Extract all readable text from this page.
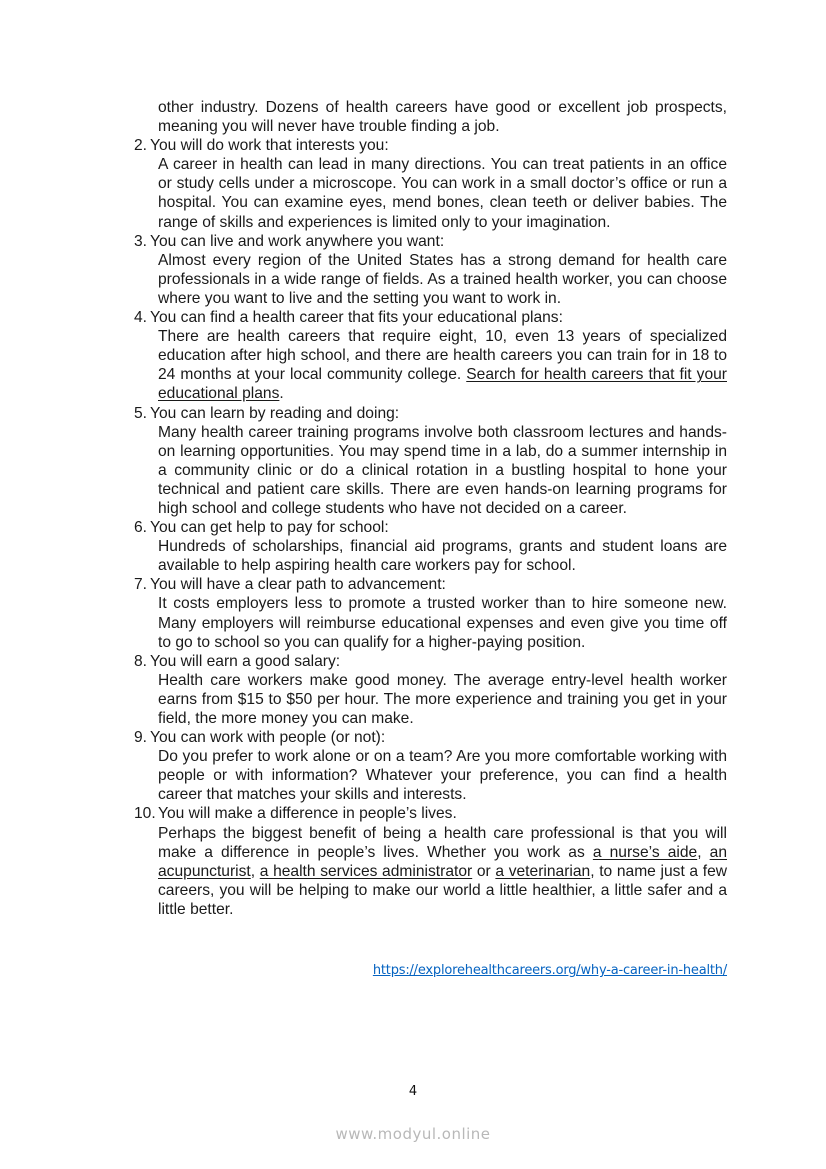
other industry. Dozens of health careers have good or excellent job prospects, meaning you will never have trouble finding a job.
2. You will do work that interests you:
A career in health can lead in many directions. You can treat patients in an office or study cells under a microscope. You can work in a small doctor’s office or run a hospital. You can examine eyes, mend bones, clean teeth or deliver babies. The range of skills and experiences is limited only to your imagination.
3. You can live and work anywhere you want:
Almost every region of the United States has a strong demand for health care professionals in a wide range of fields. As a trained health worker, you can choose where you want to live and the setting you want to work in.
4. You can find a health career that fits your educational plans:
There are health careers that require eight, 10, even 13 years of specialized education after high school, and there are health careers you can train for in 18 to 24 months at your local community college. Search for health careers that fit your educational plans.
5. You can learn by reading and doing:
Many health career training programs involve both classroom lectures and hands-on learning opportunities. You may spend time in a lab, do a summer internship in a community clinic or do a clinical rotation in a bustling hospital to hone your technical and patient care skills. There are even hands-on learning programs for high school and college students who have not decided on a career.
6. You can get help to pay for school:
Hundreds of scholarships, financial aid programs, grants and student loans are available to help aspiring health care workers pay for school.
7. You will have a clear path to advancement:
It costs employers less to promote a trusted worker than to hire someone new. Many employers will reimburse educational expenses and even give you time off to go to school so you can qualify for a higher-paying position.
8. You will earn a good salary:
Health care workers make good money. The average entry-level health worker earns from $15 to $50 per hour. The more experience and training you get in your field, the more money you can make.
9. You can work with people (or not):
Do you prefer to work alone or on a team? Are you more comfortable working with people or with information? Whatever your preference, you can find a health career that matches your skills and interests.
10. You will make a difference in people’s lives.
Perhaps the biggest benefit of being a health care professional is that you will make a difference in people’s lives. Whether you work as a nurse’s aide, an acupuncturist, a health services administrator or a veterinarian, to name just a few careers, you will be helping to make our world a little healthier, a little safer and a little better.
https://explorehealthcareers.org/why-a-career-in-health/
4
www.modyul.online
